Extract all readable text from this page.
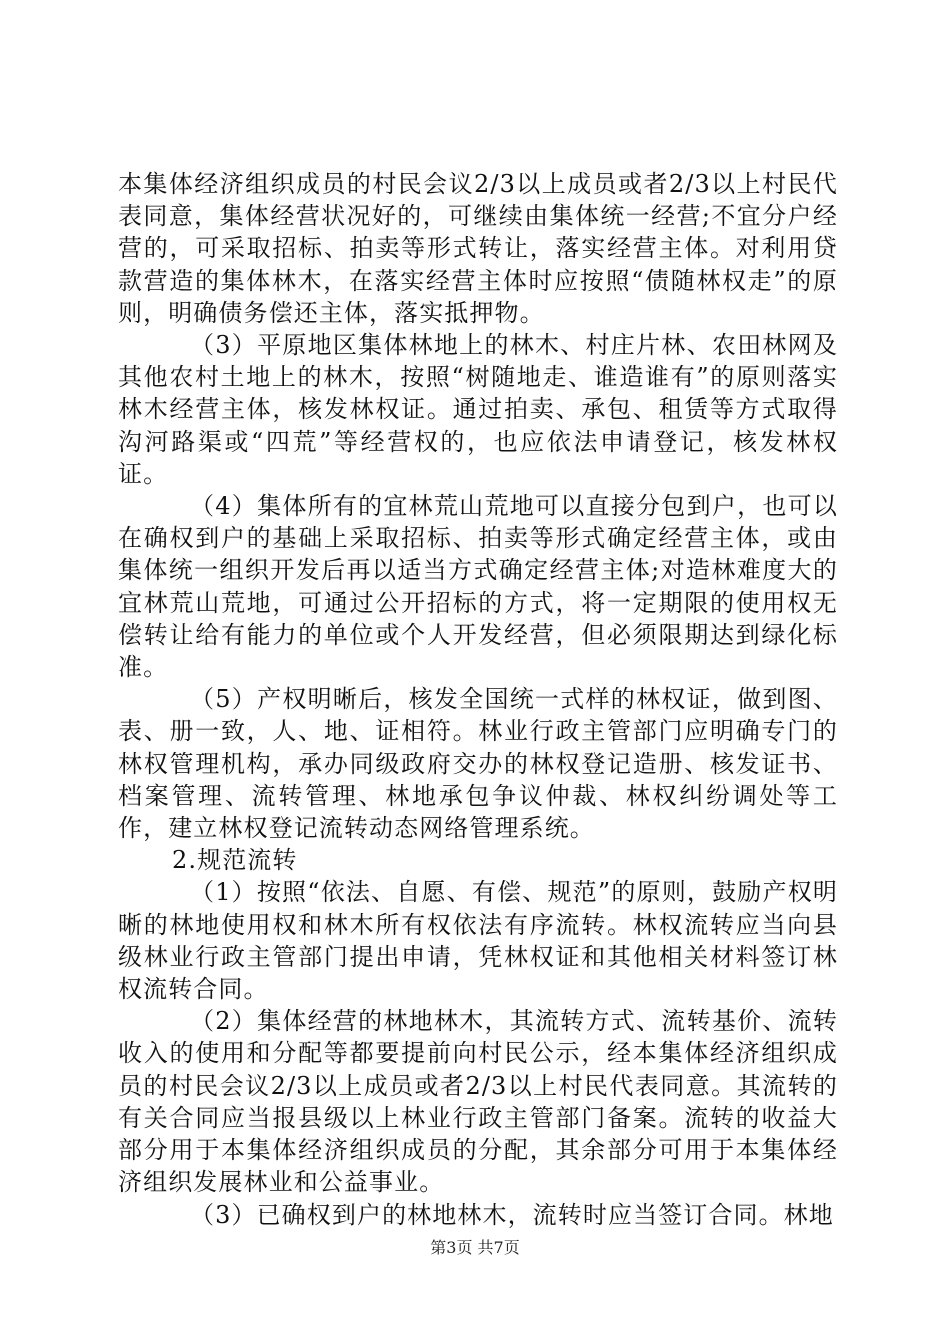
本集体经济组织成员的村民会议2/3以上成员或者2/3以上村民代表同意，集体经营状况好的，可继续由集体统一经营;不宜分户经营的，可采取招标、拍卖等形式转让，落实经营主体。对利用贷款营造的集体林木，在落实经营主体时应按照“债随林权走”的原则，明确债务偿还主体，落实抵押物。

（3）平原地区集体林地上的林木、村庄片林、农田林网及其他农村土地上的林木，按照“树随地走、谁造谁有”的原则落实林木经营主体，核发林权证。通过拍卖、承包、租赁等方式取得沟河路渠或“四荒”等经营权的，也应依法申请登记，核发林权证。

（4）集体所有的宜林荒山荒地可以直接分包到户，也可以在确权到户的基础上采取招标、拍卖等形式确定经营主体，或由集体统一组织开发后再以适当方式确定经营主体;对造林难度大的宜林荒山荒地，可通过公开招标的方式，将一定期限的使用权无偿转让给有能力的单位或个人开发经营，但必须限期达到绿化标准。

（5）产权明晰后，核发全国统一式样的林权证，做到图、表、册一致，人、地、证相符。林业行政主管部门应明确专门的林权管理机构，承办同级政府交办的林权登记造册、核发证书、档案管理、流转管理、林地承包争议仲裁、林权纠纷调处等工作，建立林权登记流转动态网络管理系统。

2.规范流转

（1）按照“依法、自愿、有偿、规范”的原则，鼓励产权明晰的林地使用权和林木所有权依法有序流转。林权流转应当向县级林业行政主管部门提出申请，凭林权证和其他相关材料签订林权流转合同。

（2）集体经营的林地林木，其流转方式、流转基价、流转收入的使用和分配等都要提前向村民公示，经本集体经济组织成员的村民会议2/3以上成员或者2/3以上村民代表同意。其流转的有关合同应当报县级以上林业行政主管部门备案。流转的收益大部分用于本集体经济组织成员的分配，其余部分可用于本集体经济组织发展林业和公益事业。

（3）已确权到户的林地林木，流转时应当签订合同。林地

第3页 共7页
